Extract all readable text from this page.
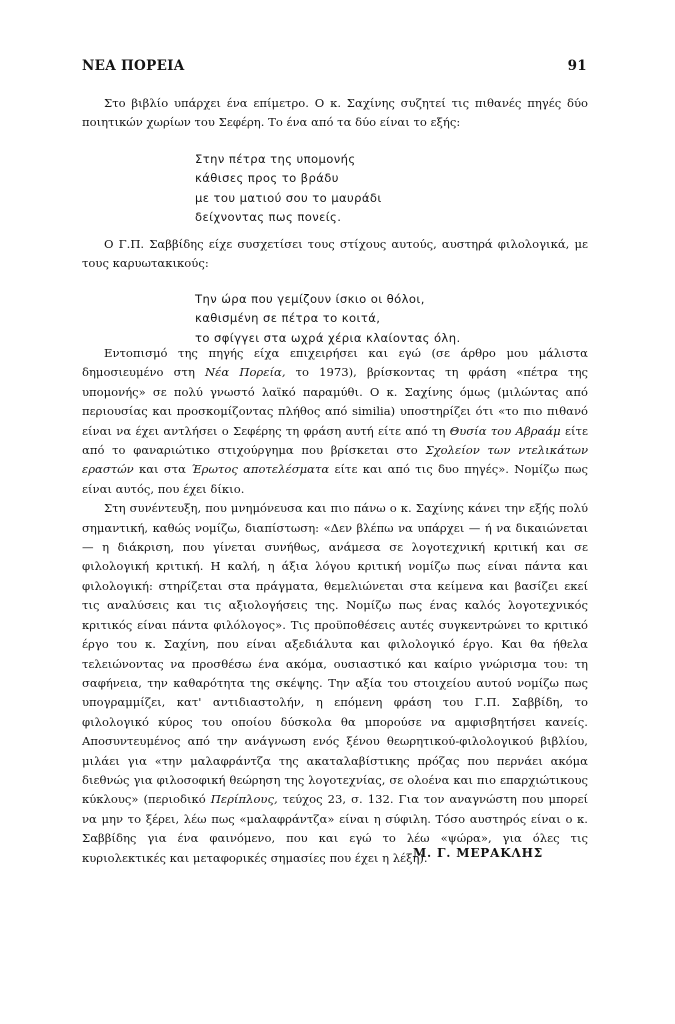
ΝΕΑ ΠΟΡΕΙΑ	91

Στο βιβλίο υπάρχει ένα επίμετρο. Ο κ. Σαχίνης συζητεί τις πιθανές πηγές δύο ποιητικών χωρίων του Σεφέρη. Το ένα από τα δύο είναι το εξής:

Στην πέτρα της υπομονής
κάθισες προς το βράδυ
με του ματιού σου το μαυράδι
δείχνοντας πως πονείς.

Ο Γ.Π. Σαββίδης είχε συσχετίσει τους στίχους αυτούς, αυστηρά φιλολογικά, με τους καρυωτακικούς:

Την ώρα που γεμίζουν ίσκιο οι θόλοι,
καθισμένη σε πέτρα το κοιτά,
το σφίγγει στα ωχρά χέρια κλαίοντας όλη.

Εντοπισμό της πηγής είχα επιχειρήσει και εγώ (σε άρθρο μου μάλιστα δημοσιευμένο στη Νέα Πορεία, το 1973), βρίσκοντας τη φράση «πέτρα της υπομονής» σε πολύ γνωστό λαϊκό παραμύθι. Ο κ. Σαχίνης όμως (μιλώντας από περιουσίας και προσκομίζοντας πλήθος από similia) υποστηρίζει ότι «το πιο πιθανό είναι να έχει αντλήσει ο Σεφέρης τη φράση αυτή είτε από τη Θυσία του Αβραάμ είτε από το φαναριώτικο στιχούργημα που βρίσκεται στο Σχολείον των ντελικάτων εραστών και στα Έρωτος αποτελέσματα είτε και από τις δυο πηγές». Νομίζω πως είναι αυτός, που έχει δίκιο.

Στη συνέντευξη, που μνημόνευσα και πιο πάνω ο κ. Σαχίνης κάνει την εξής πολύ σημαντική, καθώς νομίζω, διαπίστωση: «Δεν βλέπω να υπάρχει — ή να δικαιώνεται — η διάκριση, που γίνεται συνήθως, ανάμεσα σε λογοτεχνική κριτική και σε φιλολογική κριτική. Η καλή, η άξια λόγου κριτική νομίζω πως είναι πάντα και φιλολογική: στηρίζεται στα πράγματα, θεμελιώνεται στα κείμενα και βασίζει εκεί τις αναλύσεις και τις αξιολογήσεις της. Νομίζω πως ένας καλός λογοτεχνικός κριτικός είναι πάντα φιλόλογος». Τις προϋποθέσεις αυτές συγκεντρώνει το κριτικό έργο του κ. Σαχίνη, που είναι αξεδιάλυτα και φιλολογικό έργο. Και θα ήθελα τελειώνοντας να προσθέσω ένα ακόμα, ουσιαστικό και καίριο γνώρισμα του: τη σαφήνεια, την καθαρότητα της σκέψης. Την αξία του στοιχείου αυτού νομίζω πως υπογραμμίζει, κατ' αντιδιαστολήν, η επόμενη φράση του Γ.Π. Σαββίδη, το φιλολογικό κύρος του οποίου δύσκολα θα μπορούσε να αμφισβητήσει κανείς. Αποσυντευμένος από την ανάγνωση ενός ξένου θεωρητικού-φιλολογικού βιβλίου, μιλάει για «την μαλαφράντζα της ακαταλαβίστικης πρόζας που περνάει ακόμα διεθνώς για φιλοσοφική θεώρηση της λογοτεχνίας, σε ολοένα και πιο επαρχιώτικους κύκλους» (περιοδικό Περίπλους, τεύχος 23, σ. 132. Για τον αναγνώστη που μπορεί να μην το ξέρει, λέω πως «μαλαφράντζα» είναι η σύφιλη. Τόσο αυστηρός είναι ο κ. Σαββίδης για ένα φαινόμενο, που και εγώ το λέω «ψώρα», για όλες τις κυριολεκτικές και μεταφορικές σημασίες που έχει η λέξη).

Μ. Γ. ΜΕΡΑΚΛΗΣ
